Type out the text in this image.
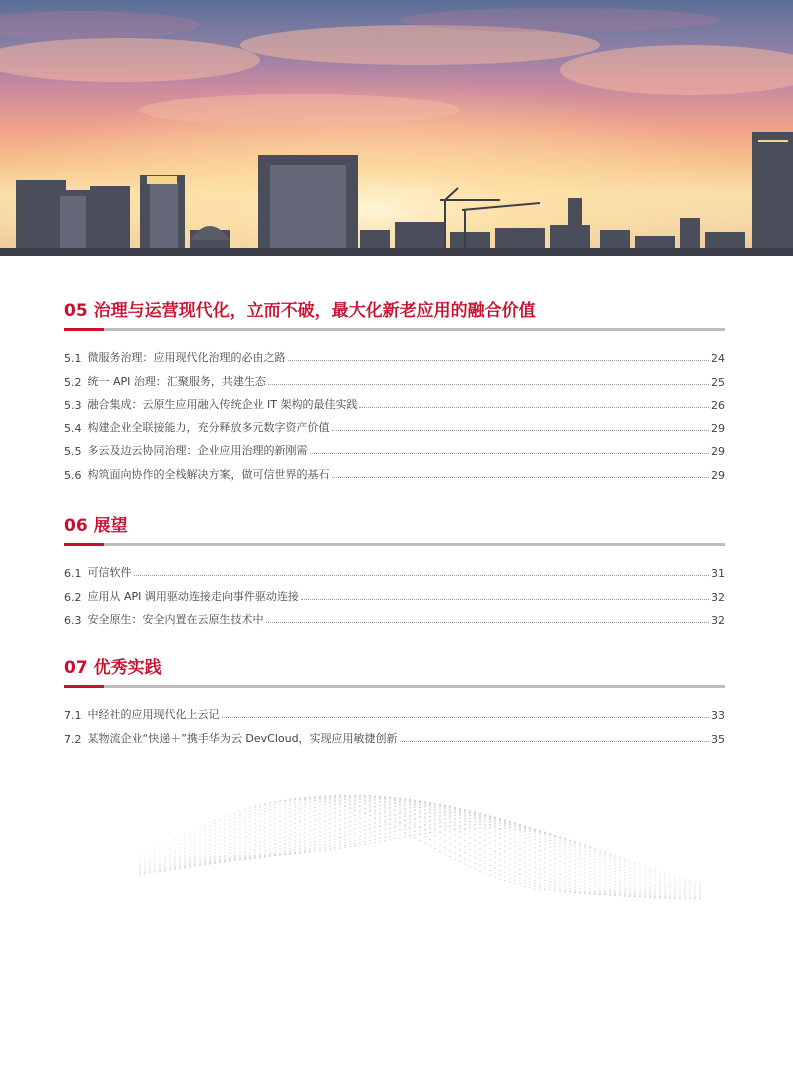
05 治理与运营现代化，立而不破，最大化新老应用的融合价值
5.1 微服务治理：应用现代化治理的必由之路	24
5.2 统一 API 治理：汇聚服务，共建生态	25
5.3 融合集成：云原生应用融入传统企业 IT 架构的最佳实践	26
5.4 构建企业全联接能力，充分释放多元数字资产价值	29
5.5 多云及边云协同治理：企业应用治理的新刚需	29
5.6 构筑面向协作的全栈解决方案，做可信世界的基石	29
06 展望
6.1 可信软件	31
6.2 应用从 API 调用驱动连接走向事件驱动连接	32
6.3 安全原生：安全内置在云原生技术中	32
07 优秀实践
7.1 中经社的应用现代化上云记	33
7.2 某物流企业“快递＋”携手华为云 DevCloud，实现应用敏捷创新	35
